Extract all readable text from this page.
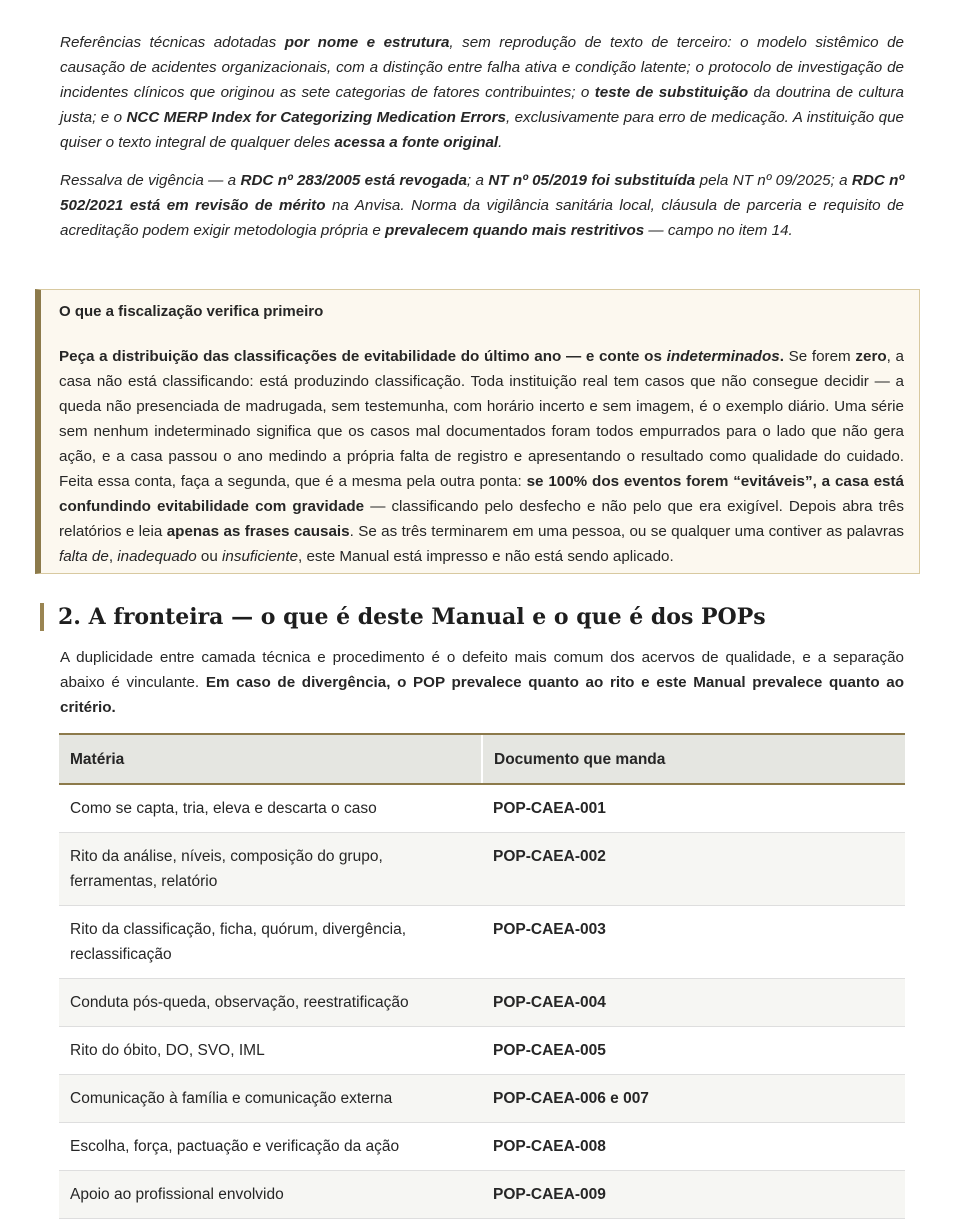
Referências técnicas adotadas por nome e estrutura, sem reprodução de texto de terceiro: o modelo sistêmico de causação de acidentes organizacionais, com a distinção entre falha ativa e condição latente; o protocolo de investigação de incidentes clínicos que originou as sete categorias de fatores contribuintes; o teste de substituição da doutrina de cultura justa; e o NCC MERP Index for Categorizing Medication Errors, exclusivamente para erro de medicação. A instituição que quiser o texto integral de qualquer deles acessa a fonte original.

Ressalva de vigência — a RDC nº 283/2005 está revogada; a NT nº 05/2019 foi substituída pela NT nº 09/2025; a RDC nº 502/2021 está em revisão de mérito na Anvisa. Norma da vigilância sanitária local, cláusula de parceria e requisito de acreditação podem exigir metodologia própria e prevalecem quando mais restritivos — campo no item 14.

O que a fiscalização verifica primeiro

Peça a distribuição das classificações de evitabilidade do último ano — e conte os indeterminados. Se forem zero, a casa não está classificando: está produzindo classificação. Toda instituição real tem casos que não consegue decidir — a queda não presenciada de madrugada, sem testemunha, com horário incerto e sem imagem, é o exemplo diário. Uma série sem nenhum indeterminado significa que os casos mal documentados foram todos empurrados para o lado que não gera ação, e a casa passou o ano medindo a própria falta de registro e apresentando o resultado como qualidade do cuidado. Feita essa conta, faça a segunda, que é a mesma pela outra ponta: se 100% dos eventos forem “evitáveis”, a casa está confundindo evitabilidade com gravidade — classificando pelo desfecho e não pelo que era exigível. Depois abra três relatórios e leia apenas as frases causais. Se as três terminarem em uma pessoa, ou se qualquer uma contiver as palavras falta de, inadequado ou insuficiente, este Manual está impresso e não está sendo aplicado.

2. A fronteira — o que é deste Manual e o que é dos POPs

A duplicidade entre camada técnica e procedimento é o defeito mais comum dos acervos de qualidade, e a separação abaixo é vinculante. Em caso de divergência, o POP prevalece quanto ao rito e este Manual prevalece quanto ao critério.

Matéria	Documento que manda
Como se capta, tria, eleva e descarta o caso	POP-CAEA-001
Rito da análise, níveis, composição do grupo, ferramentas, relatório	POP-CAEA-002
Rito da classificação, ficha, quórum, divergência, reclassificação	POP-CAEA-003
Conduta pós-queda, observação, reestratificação	POP-CAEA-004
Rito do óbito, DO, SVO, IML	POP-CAEA-005
Comunicação à família e comunicação externa	POP-CAEA-006 e 007
Escolha, força, pactuação e verificação da ação	POP-CAEA-008
Apoio ao profissional envolvido	POP-CAEA-009
